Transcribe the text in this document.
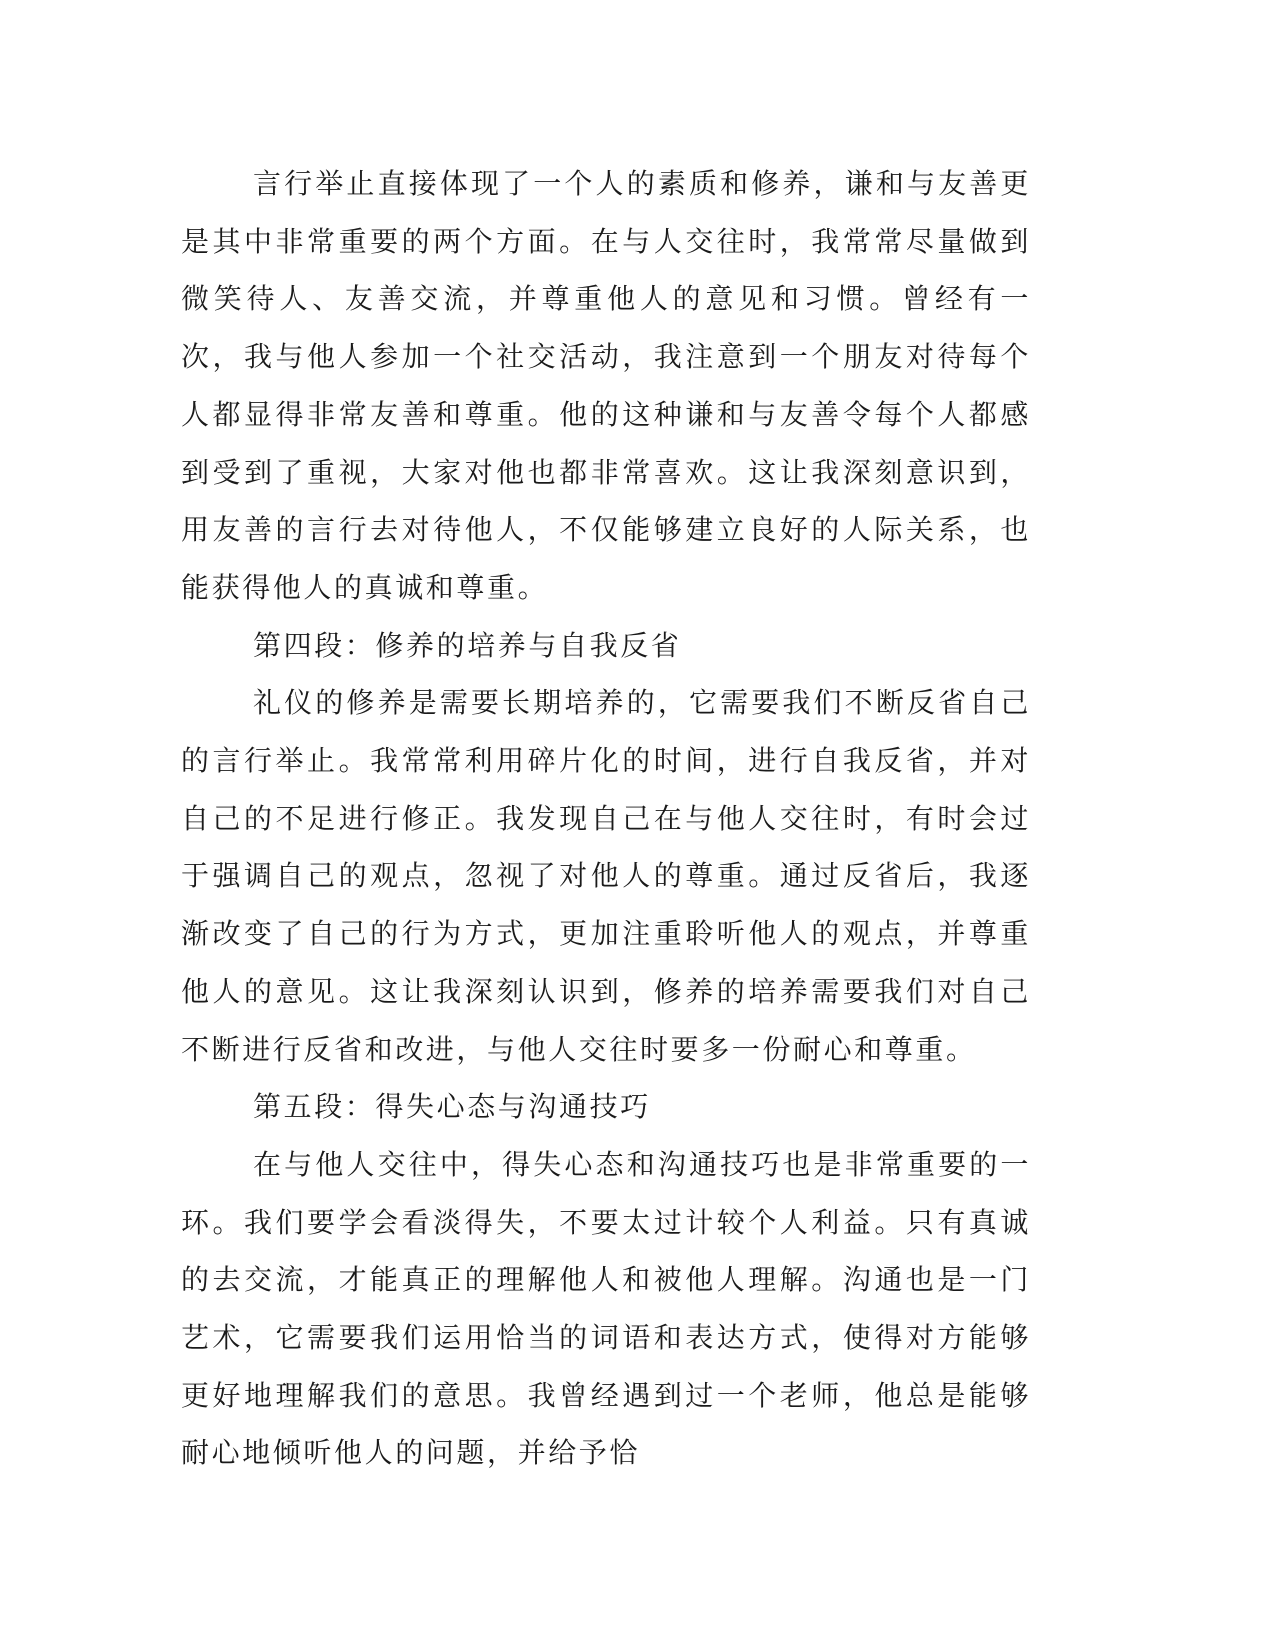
言行举止直接体现了一个人的素质和修养，谦和与友善更是其中非常重要的两个方面。在与人交往时，我常常尽量做到微笑待人、友善交流，并尊重他人的意见和习惯。曾经有一次，我与他人参加一个社交活动，我注意到一个朋友对待每个人都显得非常友善和尊重。他的这种谦和与友善令每个人都感到受到了重视，大家对他也都非常喜欢。这让我深刻意识到，用友善的言行去对待他人，不仅能够建立良好的人际关系，也能获得他人的真诚和尊重。

第四段：修养的培养与自我反省

礼仪的修养是需要长期培养的，它需要我们不断反省自己的言行举止。我常常利用碎片化的时间，进行自我反省，并对自己的不足进行修正。我发现自己在与他人交往时，有时会过于强调自己的观点，忽视了对他人的尊重。通过反省后，我逐渐改变了自己的行为方式，更加注重聆听他人的观点，并尊重他人的意见。这让我深刻认识到，修养的培养需要我们对自己不断进行反省和改进，与他人交往时要多一份耐心和尊重。

第五段：得失心态与沟通技巧

在与他人交往中，得失心态和沟通技巧也是非常重要的一环。我们要学会看淡得失，不要太过计较个人利益。只有真诚的去交流，才能真正的理解他人和被他人理解。沟通也是一门艺术，它需要我们运用恰当的词语和表达方式，使得对方能够更好地理解我们的意思。我曾经遇到过一个老师，他总是能够耐心地倾听他人的问题，并给予恰
